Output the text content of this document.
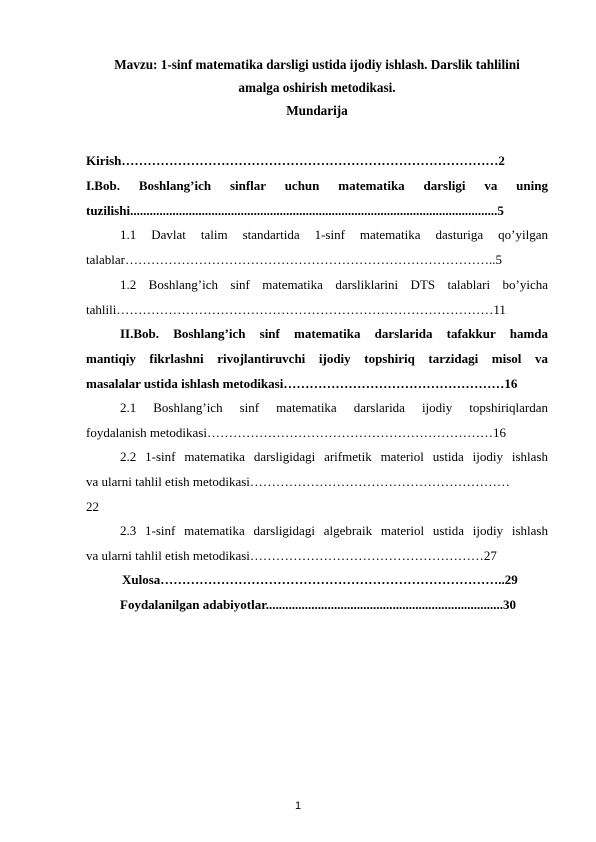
Mavzu: 1-sinf matematika darsligi ustida ijodiy ishlash. Darslik tahlilini
amalga oshirish metodikasi.
Mundarija
Kirish……………………………………………………………………………2
I.Bob. Boshlang’ich sinflar uchun matematika darsligi va uning
tuzilishi.................................................................................................................5
1.1 Davlat talim standartida 1-sinf matematika dasturiga qo’yilgan
talablar…………………………………………………………………………..5
1.2 Boshlang’ich sinf matematika darsliklarini DTS talablari bo’yicha
tahlili……………………………………………………………………………11
II.Bob. Boshlang’ich sinf matematika darslarida tafakkur hamda
mantiqiy fikrlashni rivojlantiruvchi ijodiy topshiriq tarzidagi misol va
masalalar ustida ishlash metodikasi……………………………………………16
2.1 Boshlang’ich sinf matematika darslarida ijodiy topshiriqlardan
foydalanish metodikasi…………………………………………………………16
2.2 1-sinf matematika darsligidagi arifmetik materiol ustida ijodiy ishlash
va ularni tahlil etish metodikasi……………………………………………………
22
2.3 1-sinf matematika darsligidagi algebraik materiol ustida ijodiy ishlash
va ularni tahlil etish metodikasi………………………………………………27
Xulosa……………………………………………………………………..29
Foydalanilgan adabiyotlar.........................................................................30
1
